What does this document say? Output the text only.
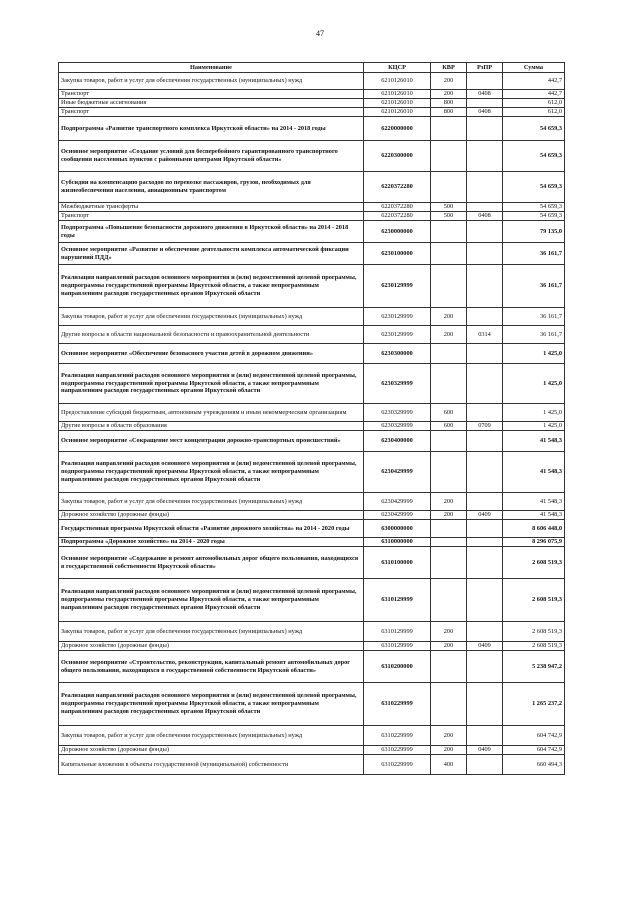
47
Наименование	КЦСР	КВР	РзПР	Сумма
Закупка товаров, работ и услуг для обеспечения государственных (муниципальных) нужд	6210126010	200		442,7
Транспорт	6210126010	200	0408	442,7
Иные бюджетные ассигнования	6210126010	800		612,0
Транспорт	6210126010	800	0408	612,0
Подпрограмма «Развитие транспортного комплекса Иркутской области» на 2014 - 2018 годы	6220000000			54 659,3
Основное мероприятие «Создание условий для бесперебойного гарантированного транспортного сообщения населенных пунктов с районными центрами Иркутской области»	6220300000			54 659,3
Субсидии на компенсацию расходов по перевозке пассажиров, грузов, необходимых для жизнеобеспечения населения, авиационным транспортом	6220372280			54 659,3
Межбюджетные трансферты	6220372280	500		54 659,3
Транспорт	6220372280	500	0408	54 659,3
Подпрограмма «Повышение безопасности дорожного движения в Иркутской области» на 2014 - 2018 годы	6230000000			79 135,0
Основное мероприятие «Развитие и обеспечение деятельности комплекса автоматической фиксации нарушений ПДД»	6230100000			36 161,7
Реализация направлений расходов основного мероприятия и (или) ведомственной целевой программы, подпрограммы государственной программы Иркутской области, а также непрограммным направлениям расходов государственных органов Иркутской области	6230129999			36 161,7
Закупка товаров, работ и услуг для обеспечения государственных (муниципальных) нужд	6230129999	200		36 161,7
Другие вопросы в области национальной безопасности и правоохранительной деятельности	6230129999	200	0314	36 161,7
Основное мероприятие «Обеспечение безопасного участия детей в дорожном движении»	6230300000			1 425,0
Реализация направлений расходов основного мероприятия и (или) ведомственной целевой программы, подпрограммы государственной программы Иркутской области, а также непрограммным направлениям расходов государственных органов Иркутской области	6230329999			1 425,0
Предоставление субсидий бюджетным, автономным учреждениям и иным некоммерческим организациям	6230329999	600		1 425,0
Другие вопросы в области образования	6230329999	600	0709	1 425,0
Основное мероприятие «Сокращение мест концентрации дорожно-транспортных происшествий»	6230400000			41 548,3
Реализация направлений расходов основного мероприятия и (или) ведомственной целевой программы, подпрограммы государственной программы Иркутской области, а также непрограммным направлениям расходов государственных органов Иркутской области	6230429999			41 548,3
Закупка товаров, работ и услуг для обеспечения государственных (муниципальных) нужд	6230429999	200		41 548,3
Дорожное хозяйство (дорожные фонды)	6230429999	200	0409	41 548,3
Государственная программа Иркутской области «Развитие дорожного хозяйства» на 2014 - 2020 годы	6300000000			8 606 448,0
Подпрограмма «Дорожное хозяйство» на 2014 - 2020 годы	6310000000			8 296 075,9
Основное мероприятие «Содержание и ремонт автомобильных дорог общего пользования, находящихся в государственной собственности Иркутской области»	6310100000			2 608 519,3
Реализация направлений расходов основного мероприятия и (или) ведомственной целевой программы, подпрограммы государственной программы Иркутской области, а также непрограммным направлениям расходов государственных органов Иркутской области	6310129999			2 608 519,3
Закупка товаров, работ и услуг для обеспечения государственных (муниципальных) нужд	6310129999	200		2 608 519,3
Дорожное хозяйство (дорожные фонды)	6310129999	200	0409	2 608 519,3
Основное мероприятие «Строительство, реконструкция, капитальный ремонт автомобильных дорог общего пользования, находящихся в государственной собственности Иркутской области»	6310200000			5 238 947,2
Реализация направлений расходов основного мероприятия и (или) ведомственной целевой программы, подпрограммы государственной программы Иркутской области, а также непрограммным направлениям расходов государственных органов Иркутской области	6310229999			1 265 237,2
Закупка товаров, работ и услуг для обеспечения государственных (муниципальных) нужд	6310229999	200		604 742,9
Дорожное хозяйство (дорожные фонды)	6310229999	200	0409	604 742,9
Капитальные вложения в объекты государственной (муниципальной) собственности	6310229999	400		660 494,3
